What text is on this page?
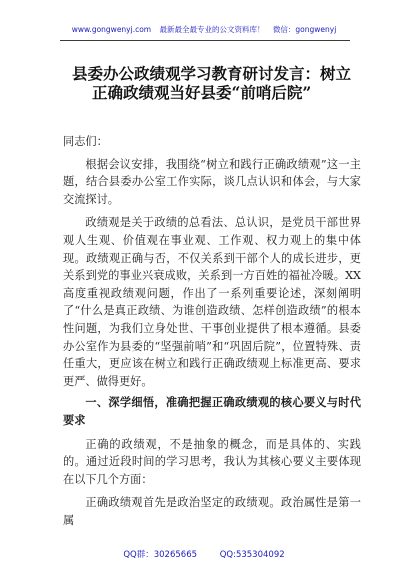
www.gongwenyj.com 最新最全最专业的公文资料库！ 微信：gongwenyj
县委办公政绩观学习教育研讨发言：树立
正确政绩观当好县委“前哨后院”

同志们：

根据会议安排，我围绕“树立和践行正确政绩观”这一主题，结合县委办公室工作实际，谈几点认识和体会，与大家交流探讨。

政绩观是关于政绩的总看法、总认识，是党员干部世界观人生观、价值观在事业观、工作观、权力观上的集中体现。政绩观正确与否，不仅关系到干部个人的成长进步，更关系到党的事业兴衰成败，关系到一方百姓的福祉冷暖。XX高度重视政绩观问题，作出了一系列重要论述，深刻阐明了“什么是真正政绩、为谁创造政绩、怎样创造政绩”的根本性问题，为我们立身处世、干事创业提供了根本遵循。县委办公室作为县委的“坚强前哨”和“巩固后院”，位置特殊、责任重大，更应该在树立和践行正确政绩观上标准更高、要求更严、做得更好。

一、深学细悟，准确把握正确政绩观的核心要义与时代要求

正确的政绩观，不是抽象的概念，而是具体的、实践的。通过近段时间的学习思考，我认为其核心要义主要体现在以下几个方面：

正确政绩观首先是政治坚定的政绩观。政治属性是第一属

QQ群：30265665	QQ:535304092
